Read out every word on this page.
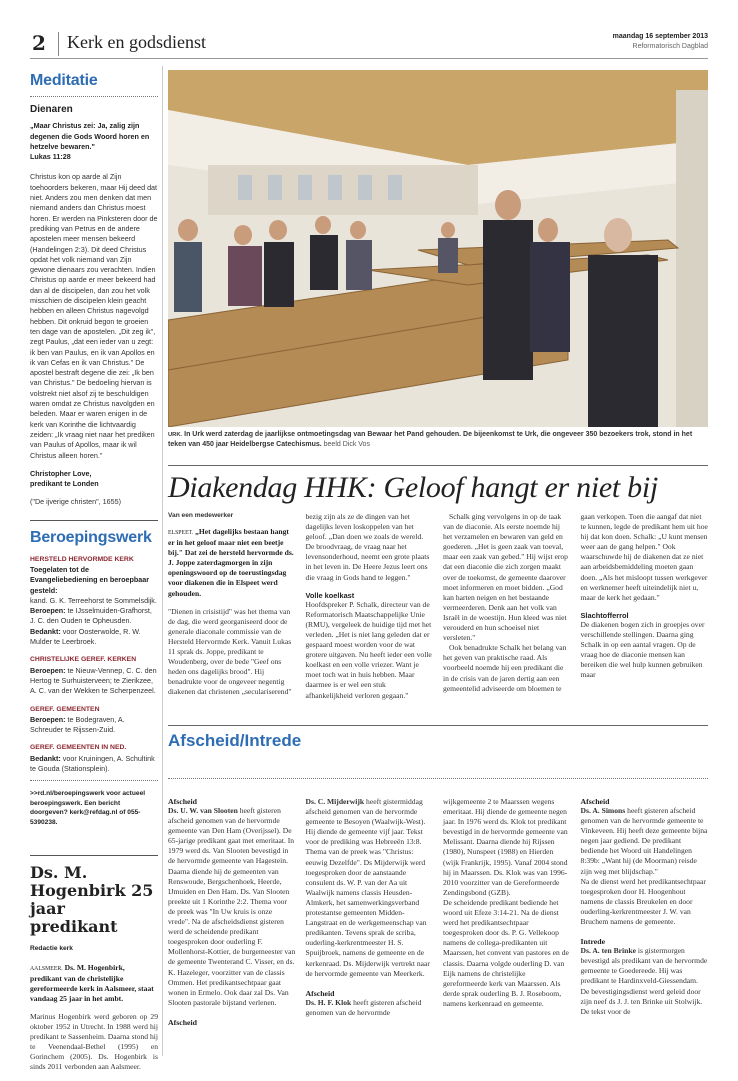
2	Kerk en godsdienst	maandag 16 september 2013
Reformatorisch Dagblad
Meditatie
Dienaren
„Maar Christus zei: Ja, zalig zijn degenen die Gods Woord horen en hetzelve bewaren."

Lukas 11:28

Christus kon op aarde al Zijn toehoorders bekeren, maar Hij deed dat niet. Anders zou men denken dat men niemand anders dan Christus moest horen. Er werden na Pinksteren door de prediking van Petrus en de andere apostelen meer mensen bekeerd (Handelingen 2:3). Dit deed Christus opdat het volk niemand van Zijn gewone dienaars zou verachten. Indien Christus op aarde er meer bekeerd had dan al de discipelen, dan zou het volk misschien de discipelen klein geacht hebben en alleen Christus nagevolgd hebben. Dit onkruid begon te groeien ten dage van de apostelen. „Dit zeg ik", zegt Paulus, „dat een ieder van u zegt: ik ben van Paulus, en ik van Apollos en ik van Cefas en ik van Christus." De apostel bestraft degene die zei: „Ik ben van Christus." De bedoeling hiervan is volstrekt niet alsof zij te beschuldigen waren omdat ze Christus navolgden en beleden. Maar er waren enigen in de kerk van Korinthe die lichtvaardig zeiden: „Ik vraag niet naar het prediken van Paulus of Apollos, maar ik wil Christus alleen horen."

Christopher Love,

predikant te Londen

("De ijverige christen", 1655)

Beroepingswerk
HERSTELD HERVORMDE KERK
Toegelaten tot de Evangeliebediening en beroepbaar gesteld:
kand. G. K. Terreehorst te Sommelsdijk.
Beroepen: te IJsselmuiden-Grafhorst, J. C. den Ouden te Opheusden.
Bedankt: voor Oosterwolde, R. W. Mulder te Leerbroek.
CHRISTELIJKE GEREF. KERKEN
Beroepen: te Nieuw-Vennep, C. C. den Hertog te Surhuisterveen; te Zierikzee, A. C. van der Wekken te Scherpenzeel.
GEREF. GEMEENTEN
Beroepen: te Bodegraven, A. Schreuder te Rijssen-Zuid.
GEREF. GEMEENTEN IN NED.
Bedankt: voor Kruiningen, A. Schultink te Gouda (Stationsplein).
>>rd.nl/beroepingswerk voor actueel beroepingswerk. Een bericht doorgeven? kerk@refdag.nl of 055-5390238.
Ds. M. Hogenbirk 25 jaar predikant

Redactie kerk

AALSMEER. Ds. M. Hogenbirk, predikant van de christelijke gereformeerde kerk in Aalsmeer, staat vandaag 25 jaar in het ambt.

Marinus Hogenbirk werd geboren op 29 oktober 1952 in Utrecht. In 1988 werd hij predikant te Sassenheim. Daarna stond hij te Veenendaal-Bethel (1995) en Gorinchem (2005). Ds. Hogenbirk is sinds 2011 verbonden aan Aalsmeer.

URK. In Urk werd zaterdag de jaarlijkse ontmoetingsdag van Bewaar het Pand gehouden. De bijeenkomst te Urk, die ongeveer 350 bezoekers trok, stond in het teken van 450 jaar Heidelbergse Catechismus. beeld Dick Vos
Diakendag HHK: Geloof hangt er niet bij
Van een medewerker

ELSPEET. „Het dagelijks bestaan hangt er in het geloof maar niet een beetje bij." Dat zei de hersteld hervormde ds. J. Joppe zaterdagmorgen in zijn openingswoord op de toerustingsdag voor diakenen die in Elspeet werd gehouden.

"Dienen in crisistijd" was het thema van de dag, die werd georganiseerd door de generale diaconale commissie van de Hersteld Hervormde Kerk. Vanuit Lukas 11 sprak ds. Joppe, predikant te Woudenberg, over de bede "Geef ons heden ons dagelijks brood". Hij benadrukte voor de ongeveer negentig diakenen dat christenen „seculariserend" bezig zijn als ze de dingen van het dagelijks leven loskoppelen van het geloof. „Dan doen we zoals de wereld. De broodvraag, de vraag naar het levensonderhoud, neemt een grote plaats in het leven in. De Heere Jezus leert ons die vraag in Gods hand te leggen."

Volle koelkast

Hoofdspreker P. Schalk, directeur van de Reformatorisch Maatschappelijke Unie (RMU), vergeleek de huidige tijd met het verleden. „Het is niet lang geleden dat er gespaard moest worden voor de wat grotere uitgaven. Nu heeft ieder een volle koelkast en een volle vriezer. Want je moet toch wat in huis hebben. Maar daarmee is er wel een stuk afhankelijkheid verloren gegaan."

Schalk ging vervolgens in op de taak van de diaconie. Als eerste noemde hij het verzamelen en bewaren van geld en goederen. „Het is geen zaak van toeval, maar een zaak van gebed." Hij wijst erop dat een diaconie die zich zorgen maakt over de toekomst, de gemeente daarover moet informeren en moet bidden. „God kan harten neigen en het bestaande vermeerderen. Denk aan het volk van Israël in de woestijn. Hun kleed was niet verouderd en hun schoeisel niet versleten."

Ook benadrukte Schalk het belang van het geven van praktische raad. Als voorbeeld noemde hij een predikant die in de crisis van de jaren dertig aan een gemeentelid adviseerde om bloemen te gaan verkopen. Toen die aangaf dat niet te kunnen, legde de predikant hem uit hoe hij dat kon doen. Schalk: „U kunt mensen weer aan de gang helpen." Ook waarschuwde hij de diakenen dat ze niet aan arbeidsbemiddeling moeten gaan doen. „Als het misloopt tussen werkgever en werknemer heeft uiteindelijk niet u, maar de kerk het gedaan."

Slachtofferrol

De diakenen bogen zich in groepjes over verschillende stellingen. Daarna ging Schalk in op een aantal vragen. Op de vraag hoe de diaconie mensen kan bereiken die wel hulp kunnen gebruiken maar

Afscheid/Intrede
Afscheid

Ds. U. W. van Slooten heeft gisteren afscheid genomen van de hervormde gemeente van Den Ham (Overijssel). De 65-jarige predikant gaat met emeritaat. In 1979 werd ds. Van Slooten bevestigd in de hervormde gemeente van Hagestein. Daarna diende hij de gemeenten van Renswoude, Bergschenhoek, Heerde, IJmuiden en Den Ham. Ds. Van Slooten preekte uit 1 Korinthe 2:2. Thema voor de preek was "In Uw kruis is onze vrede". Na de afscheidsdienst gisteren werd de scheidende predikant toegesproken door ouderling F. Mollenhorst-Kottier, de burgemeester van de gemeente Twenterand C. Visser, en ds. K. Hazeleger, voorzitter van de classis Ommen. Het predikantsechtpaar gaat wonen in Ermelo. Ook daar zal Ds. Van Slooten pastorale bijstand verlenen.

Afscheid

Ds. C. Mijderwijk heeft gistermiddag afscheid genomen van de hervormde gemeente te Besoyen (Waalwijk-West). Hij diende de gemeente vijf jaar. Tekst voor de prediking was Hebreeën 13:8. Thema van de preek was "Christus: eeuwig Dezelfde". Ds Mijderwijk werd toegesproken door de aanstaande consulent ds. W. P. van der Aa uit Waalwijk namens classis Heusden-Almkerk, het samenwerkingsverband protestantse gemeenten Midden-Langstraat en de werkgemeenschap van predikanten. Tevens sprak de scriba, ouderling-kerkrentmeester H. S. Spuijbroek, namens de gemeente en de kerkenraad. Ds. Mijderwijk vertrekt naar de hervormde gemeente van Meerkerk.

Afscheid

Ds. H. F. Klok heeft gisteren afscheid genomen van de hervormde wijkgemeente 2 te Maarssen wegens emeritaat. Hij diende de gemeente negen jaar. In 1976 werd ds. Klok tot predikant bevestigd in de hervormde gemeente van Melissant. Daarna diende hij Rijssen (1980), Nunspeet (1988) en Hierden (wijk Frankrijk, 1995). Vanaf 2004 stond hij in Maarssen. Ds. Klok was van 1996-2010 voorzitter van de Gereformeerde Zendingsbond (GZB).

De scheidende predikant bediende het woord uit Efeze 3:14-21. Na de dienst werd het predikantsechtpaar toegesproken door ds. P. G. Vellekoop namens de collega-predikanten uit Maarssen, het convent van pastores en de classis. Daarna volgde ouderling D. van Eijk namens de christelijke gereformeerde kerk van Maarssen. Als derde sprak ouderling B. J. Roseboom, namens kerkenraad en gemeente.

Afscheid

Ds. A. Simons heeft gisteren afscheid genomen van de hervormde gemeente te Vinkeveen. Hij heeft deze gemeente bijna negen jaar gediend. De predikant bediende het Woord uit Handelingen 8:39b: „Want hij (de Moorman) reisde zijn weg met blijdschap."

Na de dienst werd het predikantsechtpaar toegesproken door H. Hoogenhout namens de classis Breukelen en door ouderling-kerkrentmeester J. W. van Bruchem namens de gemeente.

Intrede

Ds. A. ten Brinke is gistermorgen bevestigd als predikant van de hervormde gemeente te Goedereede. Hij was predikant te Hardinxveld-Giessendam. De bevestigingsdienst werd geleid door zijn neef ds J. J. ten Brinke uit Stolwijk. De tekst voor de
